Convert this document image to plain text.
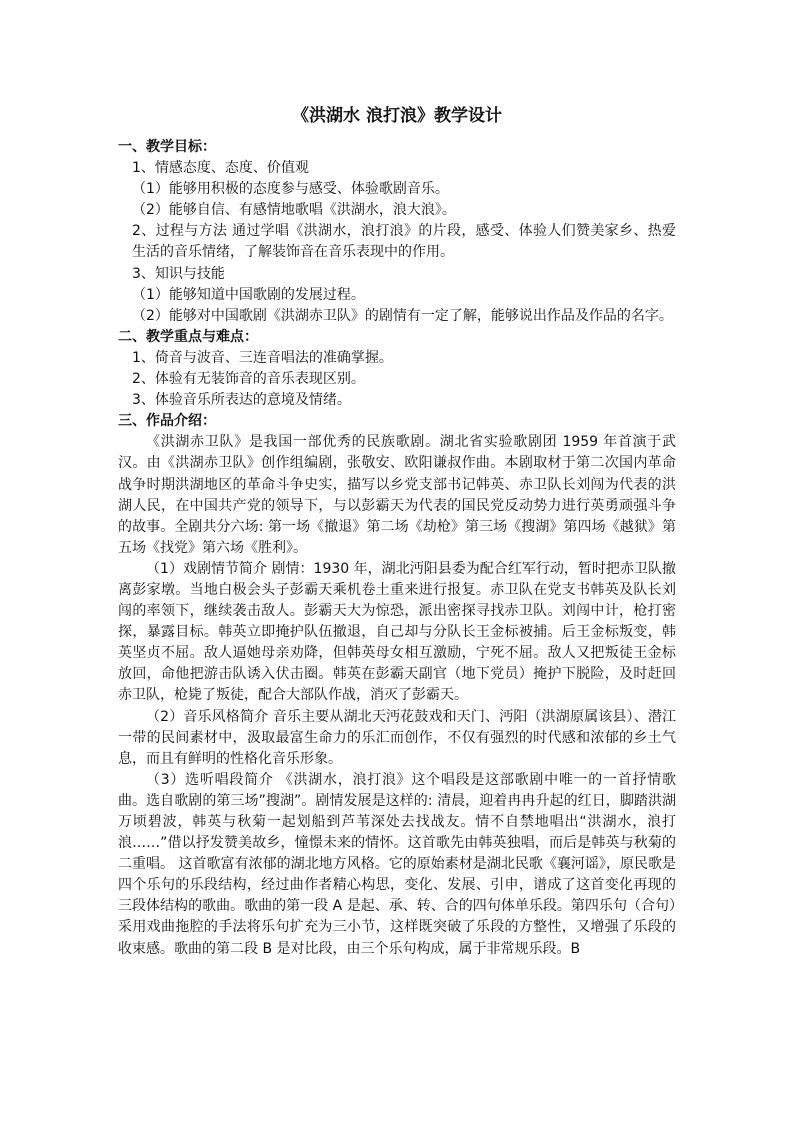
《洪湖水 浪打浪》教学设计

一、教学目标：

1、情感态度、态度、价值观

（1）能够用积极的态度参与感受、体验歌剧音乐。

（2）能够自信、有感情地歌唱《洪湖水，浪大浪》。

2、过程与方法 通过学唱《洪湖水，浪打浪》的片段，感受、体验人们赞美家乡、热爱生活的音乐情绪，了解装饰音在音乐表现中的作用。

3、知识与技能

（1）能够知道中国歌剧的发展过程。

（2）能够对中国歌剧《洪湖赤卫队》的剧情有一定了解，能够说出作品及作品的名字。

二、教学重点与难点：

1、倚音与波音、三连音唱法的准确掌握。

2、体验有无装饰音的音乐表现区别。

3、体验音乐所表达的意境及情绪。

三、作品介绍：

《洪湖赤卫队》是我国一部优秀的民族歌剧。湖北省实验歌剧团 1959 年首演于武汉。由《洪湖赤卫队》创作组编剧，张敬安、欧阳谦叔作曲。本剧取材于第二次国内革命战争时期洪湖地区的革命斗争史实，描写以乡党支部书记韩英、赤卫队长刘闯为代表的洪湖人民，在中国共产党的领导下，与以彭霸天为代表的国民党反动势力进行英勇顽强斗争的故事。全剧共分六场: 第一场《撤退》第二场《劫枪》第三场《搜湖》第四场《越狱》第五场《找党》第六场《胜利》。

（1）戏剧情节简介 剧情：1930 年，湖北沔阳县委为配合红军行动，暂时把赤卫队撤离彭家墩。当地白极会头子彭霸天乘机卷土重来进行报复。赤卫队在党支书韩英及队长刘闯的率领下，继续袭击敌人。彭霸天大为惊恐，派出密探寻找赤卫队。刘闯中计，枪打密探，暴露目标。韩英立即掩护队伍撤退，自己却与分队长王金标被捕。后王金标叛变，韩英坚贞不屈。敌人逼她母亲劝降，但韩英母女相互激励，宁死不屈。敌人又把叛徒王金标放回，命他把游击队诱入伏击圈。韩英在彭霸天副官（地下党员）掩护下脱险，及时赶回赤卫队，枪毙了叛徒，配合大部队作战，消灭了彭霸天。

（2）音乐风格简介 音乐主要从湖北天沔花鼓戏和天门、沔阳（洪湖原属该县）、潜江一带的民间素材中，汲取最富生命力的乐汇而创作，不仅有强烈的时代感和浓郁的乡土气息，而且有鲜明的性格化音乐形象。

（3）选听唱段简介 《洪湖水，浪打浪》这个唱段是这部歌剧中唯一的一首抒情歌曲。选自歌剧的第三场”搜湖”。剧情发展是这样的: 清晨，迎着冉冉升起的红日，脚踏洪湖万顷碧波，韩英与秋菊一起划船到芦苇深处去找战友。情不自禁地唱出“洪湖水，浪打浪……”借以抒发赞美故乡，憧憬未来的情怀。这首歌先由韩英独唱，而后是韩英与秋菊的二重唱。 这首歌富有浓郁的湖北地方风格。它的原始素材是湖北民歌《襄河谣》，原民歌是四个乐句的乐段结构，经过曲作者精心构思，变化、发展、引申，谱成了这首变化再现的三段体结构的歌曲。歌曲的第一段 A 是起、承、转、合的四句体单乐段。第四乐句（合句）采用戏曲拖腔的手法将乐句扩充为三小节，这样既突破了乐段的方整性，又增强了乐段的收束感。歌曲的第二段 B 是对比段，由三个乐句构成，属于非常规乐段。B
